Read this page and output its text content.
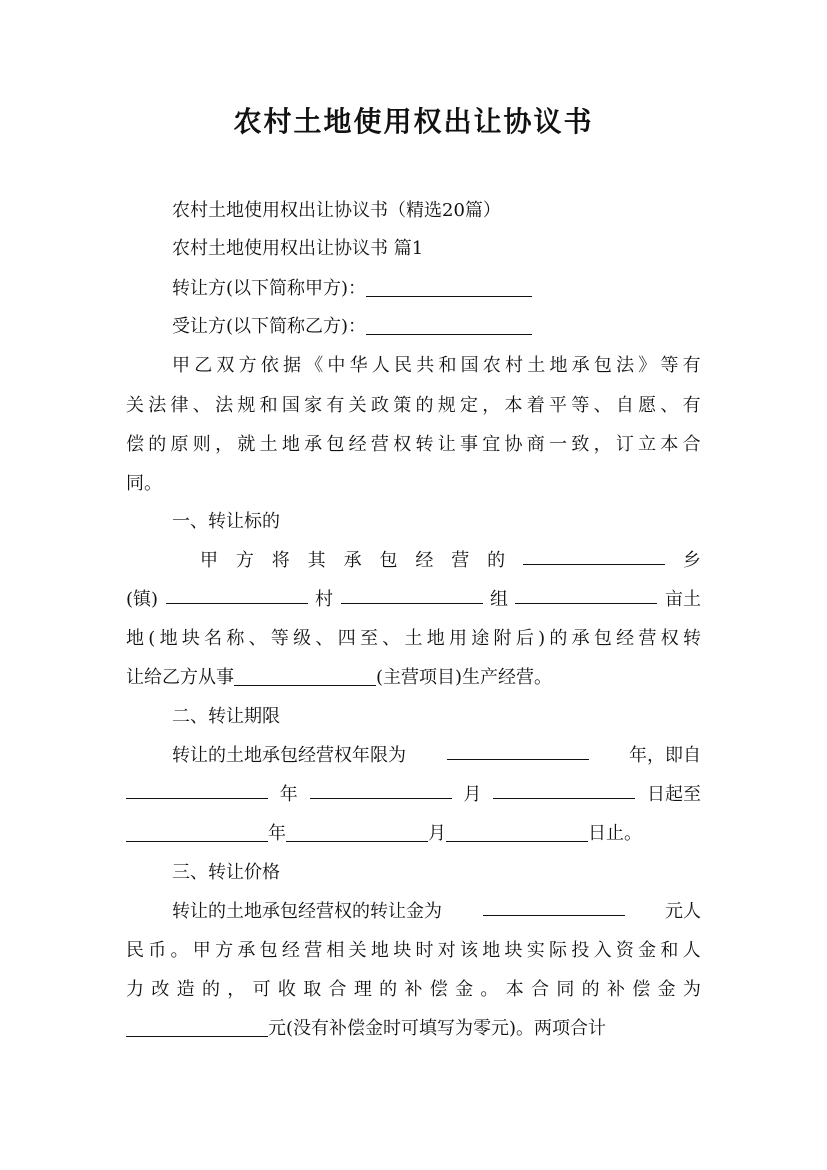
农村土地使用权出让协议书
农村土地使用权出让协议书（精选20篇）
农村土地使用权出让协议书 篇1
转让方(以下简称甲方)：
受让方(以下简称乙方)：
甲 乙 双 方 依 据 《 中 华 人 民 共 和 国 农 村 土 地 承 包 法 》 等 有
关 法 律 、 法 规 和 国 家 有 关 政 策 的 规 定 ， 本 着 平 等 、 自 愿 、 有
偿 的 原 则 ， 就 土 地 承 包 经 营 权 转 让 事 宜 协 商 一 致 ， 订 立 本 合
同。
一、转让标的
甲 方 将 其 承 包 经 营 的	乡
(镇)	村	组	亩土
地 ( 地 块 名 称 、 等 级 、 四 至 、 土 地 用 途 附 后 ) 的 承 包 经 营 权 转
让给乙方从事	(主营项目)生产经营。
二、转让期限
转让的土地承包经营权年限为	年，即自
年	月	日起至
年	月	日止。
三、转让价格
转让的土地承包经营权的转让金为	元人
民 币 。 甲 方 承 包 经 营 相 关 地 块 时 对 该 地 块 实 际 投 入 资 金 和 人
力 改 造 的 ， 可 收 取 合 理 的 补 偿 金 。 本 合 同 的 补 偿 金 为
元(没有补偿金时可填写为零元)。两项合计
